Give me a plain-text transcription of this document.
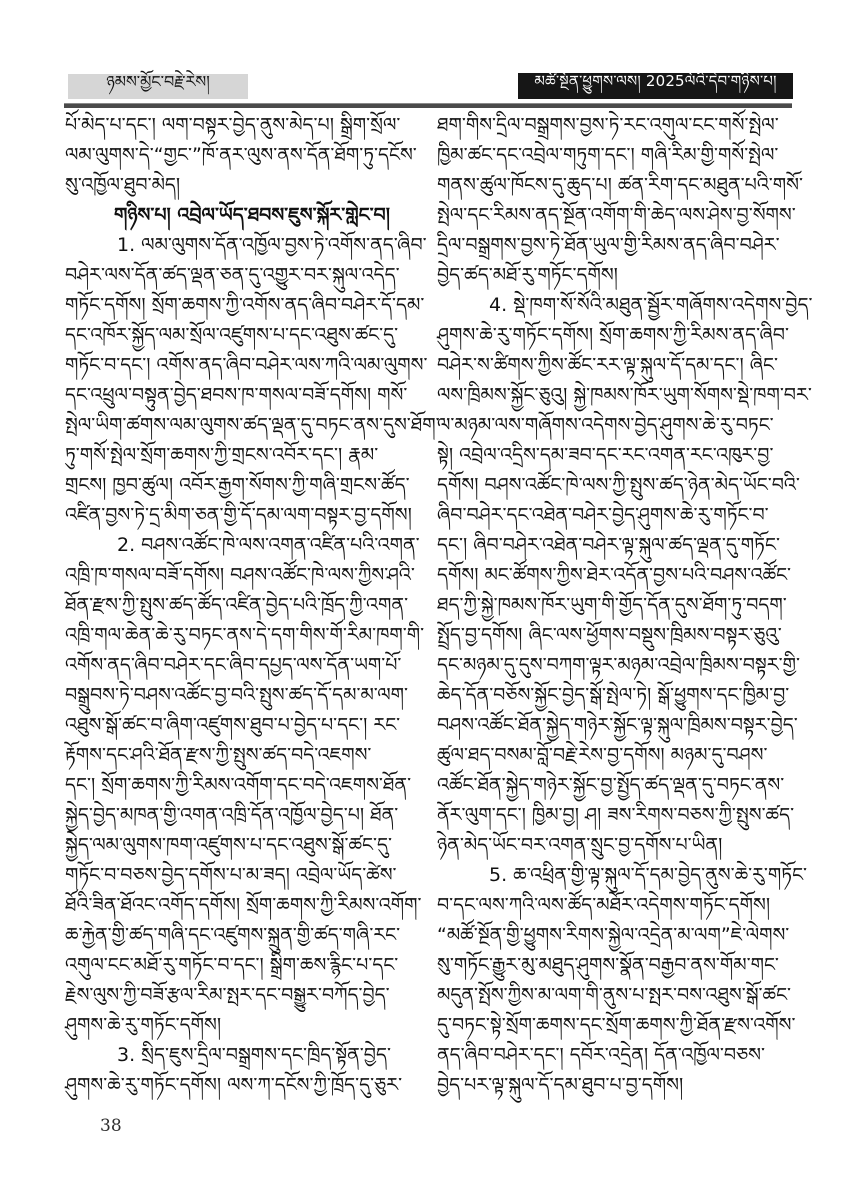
ཉམས་མྱོང་བརྗེ་རེས།	མཚོ་སྔོན་ཕྱུགས་ལས། 2025ལོའི་དེབ་གཉིས་པ།
པོ་མེད་པ་དང་། ལག་བསྟར་བྱེད་ནུས་མེད་པ། སྒྲིག་སྲོལ་
ལམ་ལུགས་དེ་“གྱང་”ཁོ་ནར་ལུས་ནས་དོན་ཐོག་ཏུ་དངོས་
སུ་འཁྱོལ་ཐུབ་མེད།
གཉིས་པ། འབྲེལ་ཡོད་ཐབས་ཇུས་སྐོར་གླེང་བ།
1. ལམ་ལུགས་དོན་འཁྱོལ་བྱས་ཏེ་འགོས་ནད་ཞིབ་
བཤེར་ལས་དོན་ཚད་ལྡན་ཅན་དུ་འགྱུར་བར་སྐུལ་འདེད་
གཏོང་དགོས། སྲོག་ཆགས་ཀྱི་འགོས་ནད་ཞིབ་བཤེར་དོ་དམ་
དང་འཁོར་སྐྱོད་ལམ་སྲོལ་འཛུགས་པ་དང་འཐུས་ཚང་དུ་
གཏོང་བ་དང་། འགོས་ནད་ཞིབ་བཤེར་ལས་ཀའི་ལམ་ལུགས་
དང་འཕྲུལ་བསྟུན་བྱེད་ཐབས་ཁ་གསལ་བཟོ་དགོས། གསོ་
སྤེལ་ཡིག་ཚགས་ལམ་ལུགས་ཚད་ལྡན་དུ་བཏང་ནས་དུས་ཐོག་
ཏུ་གསོ་སྤེལ་སྲོག་ཆགས་ཀྱི་གྲངས་འབོར་དང་། རྣམ་
གྲངས། ཁྱབ་ཚུལ། འབོར་རྒྱག་སོགས་ཀྱི་གཞི་གྲངས་ཚོད་
འཛིན་བྱས་ཏེ་དྲ་མིག་ཅན་གྱི་དོ་དམ་ལག་བསྟར་བྱ་དགོས།
2. བཤས་འཚོང་ཁེ་ལས་འགན་འཛིན་པའི་འགན་
འཁྲི་ཁ་གསལ་བཟོ་དགོས། བཤས་འཚོང་ཁེ་ལས་ཀྱིས་ཤའི་
ཐོན་རྫས་ཀྱི་སྤུས་ཚད་ཚོད་འཛིན་བྱེད་པའི་ཁྲོད་ཀྱི་འགན་
འཁྲི་གལ་ཆེན་ཆེ་རུ་བཏང་ནས་དེ་དག་གིས་གོ་རིམ་ཁག་གི་
འགོས་ནད་ཞིབ་བཤེར་དང་ཞིབ་དཔྱད་ལས་དོན་ཡག་པོ་
བསྒྲུབས་ཏེ་བཤས་འཚོང་བྱ་བའི་སྤུས་ཚད་དོ་དམ་མ་ལག་
འཐུས་སྒོ་ཚང་བ་ཞིག་འཛུགས་ཐུབ་པ་བྱེད་པ་དང་། རང་
རྟོགས་དང་ཤའི་ཐོན་རྫས་ཀྱི་སྤུས་ཚད་བདེ་འཇགས་
དང་། སྲོག་ཆགས་ཀྱི་རིམས་འགོག་དང་བདེ་འཇགས་ཐོན་
སྐྱེད་བྱེད་མཁན་གྱི་འགན་འཁྲི་དོན་འཁྱོལ་བྱེད་པ། ཐོན་
སྐྱེད་ལམ་ལུགས་ཁག་འཛུགས་པ་དང་འཐུས་སྒོ་ཚང་དུ་
གཏོང་བ་བཅས་བྱེད་དགོས་པ་མ་ཟད། འབྲེལ་ཡོད་ཚེས་
ཐོའི་ཟིན་ཐོའང་འགོད་དགོས། སྲོག་ཆགས་ཀྱི་རིམས་འགོག་
ཆ་རྐྱེན་གྱི་ཚད་གཞི་དང་འཛུགས་སྐྲུན་གྱི་ཚད་གཞི་རང་
འགུལ་ངང་མཐོ་རུ་གཏོང་བ་དང་། སྒྲིག་ཆས་རྙིང་པ་དང་
རྗེས་ལུས་ཀྱི་བཟོ་རྩལ་རིམ་སྤར་དང་བསྒྱུར་བཀོད་བྱེད་
ཤུགས་ཆེ་རུ་གཏོང་དགོས།
3. སྲིད་ཇུས་དྲིལ་བསྒྲགས་དང་ཁྲིད་སྟོན་བྱེད་
ཤུགས་ཆེ་རུ་གཏོང་དགོས། ལས་ཀ་དངོས་ཀྱི་ཁྲོད་དུ་ཅུར་
ཐག་གིས་དྲིལ་བསྒྲགས་བྱས་ཏེ་རང་འགུལ་ངང་གསོ་སྤེལ་
ཁྱིམ་ཚང་དང་འབྲེལ་གཏུག་དང་། གཞི་རིམ་གྱི་གསོ་སྤེལ་
གནས་ཚུལ་ཁོངས་དུ་ཆུད་པ། ཚན་རིག་དང་མཐུན་པའི་གསོ་
སྤེལ་དང་རིམས་ནད་སྔོན་འགོག་གི་ཆེད་ལས་ཤེས་བྱ་སོགས་
དྲིལ་བསྒྲགས་བྱས་ཏེ་ཐོན་ཡུལ་གྱི་རིམས་ནད་ཞིབ་བཤེར་
བྱེད་ཚད་མཐོ་རུ་གཏོང་དགོས།
4. སྡེ་ཁག་སོ་སོའི་མཐུན་སྦྱོར་གཞོགས་འདེགས་བྱེད་
ཤུགས་ཆེ་རུ་གཏོང་དགོས། སྲོག་ཆགས་ཀྱི་རིམས་ནད་ཞིབ་
བཤེར་ས་ཚིགས་ཀྱིས་ཚོང་རར་ལྟ་སྐུལ་དོ་དམ་དང་། ཞིང་
ལས་ཁྲིམས་སྐྱོང་ཅུའུ། སྐྱེ་ཁམས་ཁོར་ཡུག་སོགས་སྡེ་ཁག་བར་
ལ་མཉམ་ལས་གཞོགས་འདེགས་བྱེད་ཤུགས་ཆེ་རུ་བཏང་
སྟེ། འབྲེལ་འདྲིས་དམ་ཟབ་དང་རང་འགན་རང་འཁུར་བྱ་
དགོས། བཤས་འཚོང་ཁེ་ལས་ཀྱི་སྤུས་ཚད་ཉེན་མེད་ཡོང་བའི་
ཞིབ་བཤེར་དང་འཐེན་བཤེར་བྱེད་ཤུགས་ཆེ་རུ་གཏོང་བ་
དང་། ཞིབ་བཤེར་འཐེན་བཤེར་ལྟ་སྐུལ་ཚད་ལྡན་དུ་གཏོང་
དགོས། མང་ཚོགས་ཀྱིས་ཐེར་འདོན་བྱས་པའི་བཤས་འཚོང་
ཐད་ཀྱི་སྐྱེ་ཁམས་ཁོར་ཡུག་གི་གྱོད་དོན་དུས་ཐོག་ཏུ་བདག་
སྤྲོད་བྱ་དགོས། ཞིང་ལས་ཕྱོགས་བསྡུས་ཁྲིམས་བསྟར་ཅུའུ་
དང་མཉམ་དུ་དུས་བཀག་ལྟར་མཉམ་འབྲེལ་ཁྲིམས་བསྟར་གྱི་
ཆེད་དོན་བཅོས་སྐྱོང་བྱེད་སྒོ་སྤེལ་ཏེ། སྒོ་ཕྱུགས་དང་ཁྱིམ་བྱ་
བཤས་འཚོང་ཐོན་སྐྱེད་གཉེར་སྐྱོང་ལྟ་སྐུལ་ཁྲིམས་བསྟར་བྱེད་
ཚུལ་ཐད་བསམ་བློ་བརྗེ་རེས་བྱ་དགོས། མཉམ་དུ་བཤས་
འཚོང་ཐོན་སྐྱེད་གཉེར་སྐྱོང་བྱ་སྤྱོད་ཚད་ལྡན་དུ་བཏང་ནས་
ནོར་ལུག་དང་། ཁྱིམ་བྱ། ཤ། ཟས་རིགས་བཅས་ཀྱི་སྤུས་ཚད་
ཉེན་མེད་ཡོང་བར་འགན་སྲུང་བྱ་དགོས་པ་ཡིན།
5. ཆ་འཕྲིན་གྱི་ལྟ་སྐུལ་དོ་དམ་བྱེད་ནུས་ཆེ་རུ་གཏོང་
བ་དང་ལས་ཀའི་ལས་ཚོད་མཐོར་འདེགས་གཏོང་དགོས།
“མཚོ་སྔོན་གྱི་ཕྱུགས་རིགས་སྐྱེལ་འདྲེན་མ་ལག”ཇེ་ལེགས་
སུ་གཏོང་རྒྱུར་མུ་མཐུད་ཤུགས་སྣོན་བརྒྱབ་ནས་གོམ་གང་
མདུན་སྤོས་ཀྱིས་མ་ལག་གི་ནུས་པ་སྤར་བས་འཐུས་སྒོ་ཚང་
དུ་བཏང་སྟེ་སྲོག་ཆགས་དང་སྲོག་ཆགས་ཀྱི་ཐོན་རྫས་འགོས་
ནད་ཞིབ་བཤེར་དང་། དབོར་འདྲེན། དོན་འཁྱོལ་བཅས་
བྱེད་པར་ལྟ་སྐུལ་དོ་དམ་ཐུབ་པ་བྱ་དགོས།
38
